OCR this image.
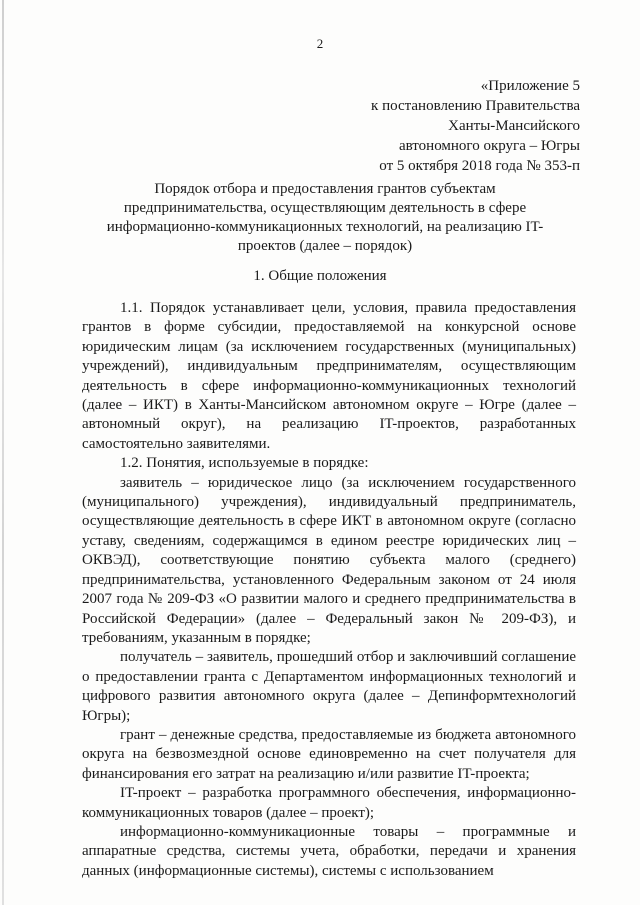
2
«Приложение 5
к постановлению Правительства
Ханты-Мансийского
автономного округа – Югры
от 5 октября 2018 года № 353-п
Порядок отбора и предоставления грантов субъектам предпринимательства, осуществляющим деятельность в сфере информационно-коммуникационных технологий, на реализацию IT-проектов (далее – порядок)
1. Общие положения

1.1. Порядок устанавливает цели, условия, правила предоставления грантов в форме субсидии, предоставляемой на конкурсной основе юридическим лицам (за исключением государственных (муниципальных) учреждений), индивидуальным предпринимателям, осуществляющим деятельность в сфере информационно-коммуникационных технологий (далее – ИКТ) в Ханты-Мансийском автономном округе – Югре (далее – автономный округ), на реализацию IT-проектов, разработанных самостоятельно заявителями.

1.2. Понятия, используемые в порядке:

заявитель – юридическое лицо (за исключением государственного (муниципального) учреждения), индивидуальный предприниматель, осуществляющие деятельность в сфере ИКТ в автономном округе (согласно уставу, сведениям, содержащимся в едином реестре юридических лиц – ОКВЭД), соответствующие понятию субъекта малого (среднего) предпринимательства, установленного Федеральным законом от 24 июля 2007 года № 209-ФЗ «О развитии малого и среднего предпринимательства в Российской Федерации» (далее – Федеральный закон № 209-ФЗ), и требованиям, указанным в порядке;

получатель – заявитель, прошедший отбор и заключивший соглашение о предоставлении гранта с Департаментом информационных технологий и цифрового развития автономного округа (далее – Депинформтехнологий Югры);

грант – денежные средства, предоставляемые из бюджета автономного округа на безвозмездной основе единовременно на счет получателя для финансирования его затрат на реализацию и/или развитие IT-проекта;

IT-проект – разработка программного обеспечения, информационно-коммуникационных товаров (далее – проект);

информационно-коммуникационные товары – программные и аппаратные средства, системы учета, обработки, передачи и хранения данных (информационные системы), системы с использованием
